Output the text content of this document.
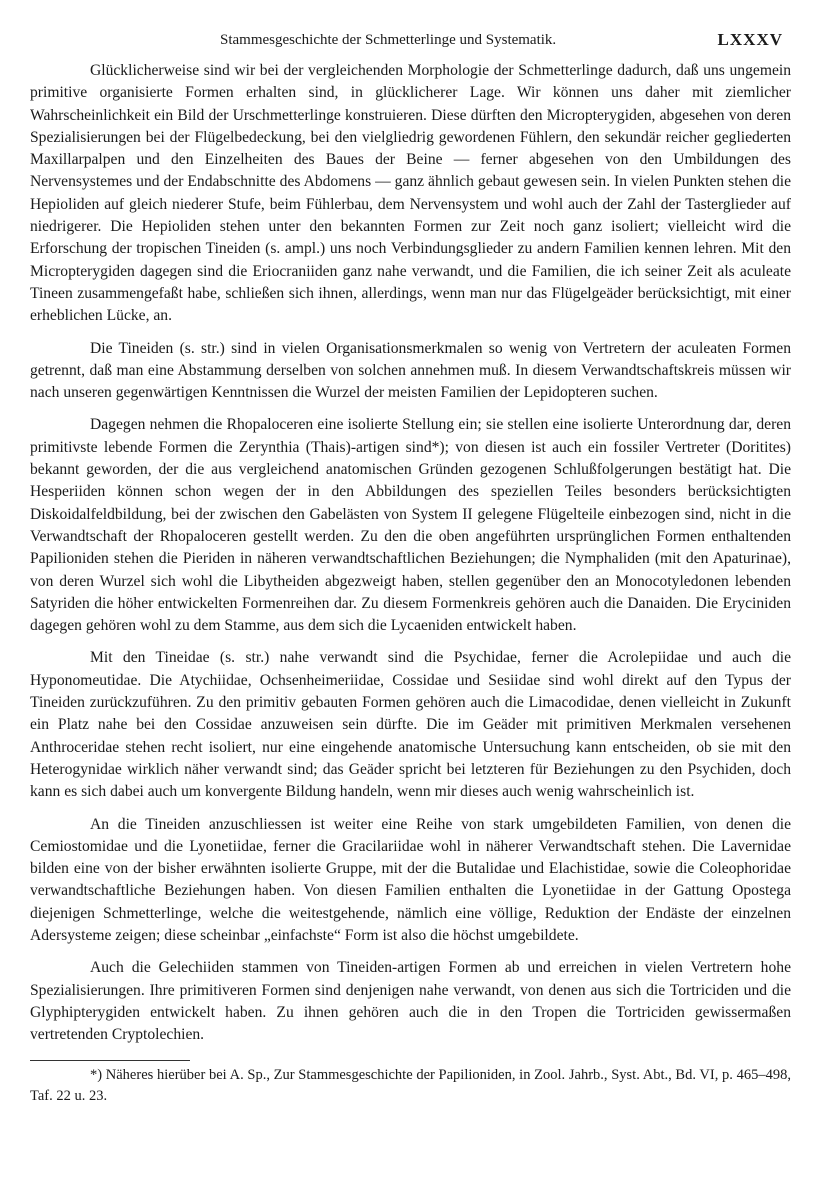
Stammesgeschichte der Schmetterlinge und Systematik.	LXXXV

Glücklicherweise sind wir bei der vergleichenden Morphologie der Schmetterlinge dadurch, daß uns ungemein primitive organisierte Formen erhalten sind, in glücklicherer Lage. Wir können uns daher mit ziemlicher Wahrscheinlichkeit ein Bild der Urschmetterlinge konstruieren. Diese dürften den Micropterygiden, abgesehen von deren Spezialisierungen bei der Flügelbedeckung, bei den vielgliedrig gewordenen Fühlern, den sekundär reicher gegliederten Maxillarpalpen und den Einzelheiten des Baues der Beine — ferner abgesehen von den Umbildungen des Nervensystemes und der Endabschnitte des Abdomens — ganz ähnlich gebaut gewesen sein. In vielen Punkten stehen die Hepioliden auf gleich niederer Stufe, beim Fühlerbau, dem Nervensystem und wohl auch der Zahl der Tasterglieder auf niedrigerer. Die Hepioliden stehen unter den bekannten Formen zur Zeit noch ganz isoliert; vielleicht wird die Erforschung der tropischen Tineiden (s. ampl.) uns noch Verbindungsglieder zu andern Familien kennen lehren. Mit den Micropterygiden dagegen sind die Eriocraniiden ganz nahe verwandt, und die Familien, die ich seiner Zeit als aculeate Tineen zusammengefaßt habe, schließen sich ihnen, allerdings, wenn man nur das Flügelgeäder berücksichtigt, mit einer erheblichen Lücke, an.

Die Tineiden (s. str.) sind in vielen Organisationsmerkmalen so wenig von Vertretern der aculeaten Formen getrennt, daß man eine Abstammung derselben von solchen annehmen muß. In diesem Verwandtschaftskreis müssen wir nach unseren gegenwärtigen Kenntnissen die Wurzel der meisten Familien der Lepidopteren suchen.

Dagegen nehmen die Rhopaloceren eine isolierte Stellung ein; sie stellen eine isolierte Unterordnung dar, deren primitivste lebende Formen die Zerynthia (Thais)-artigen sind*); von diesen ist auch ein fossiler Vertreter (Doritites) bekannt geworden, der die aus vergleichend anatomischen Gründen gezogenen Schlußfolgerungen bestätigt hat. Die Hesperiiden können schon wegen der in den Abbildungen des speziellen Teiles besonders berücksichtigten Diskoidalfeldbildung, bei der zwischen den Gabelästen von System II gelegene Flügelteile einbezogen sind, nicht in die Verwandtschaft der Rhopaloceren gestellt werden. Zu den die oben angeführten ursprünglichen Formen enthaltenden Papilioniden stehen die Pieriden in näheren verwandtschaftlichen Beziehungen; die Nymphaliden (mit den Apaturinae), von deren Wurzel sich wohl die Libytheiden abgezweigt haben, stellen gegenüber den an Monocotyledonen lebenden Satyriden die höher entwickelten Formenreihen dar. Zu diesem Formenkreis gehören auch die Danaiden. Die Eryciniden dagegen gehören wohl zu dem Stamme, aus dem sich die Lycaeniden entwickelt haben.

Mit den Tineidae (s. str.) nahe verwandt sind die Psychidae, ferner die Acrolepiidae und auch die Hyponomeutidae. Die Atychiidae, Ochsenheimeriidae, Cossidae und Sesiidae sind wohl direkt auf den Typus der Tineiden zurückzuführen. Zu den primitiv gebauten Formen gehören auch die Limacodidae, denen vielleicht in Zukunft ein Platz nahe bei den Cossidae anzuweisen sein dürfte. Die im Geäder mit primitiven Merkmalen versehenen Anthroceridae stehen recht isoliert, nur eine eingehende anatomische Untersuchung kann entscheiden, ob sie mit den Heterogynidae wirklich näher verwandt sind; das Geäder spricht bei letzteren für Beziehungen zu den Psychiden, doch kann es sich dabei auch um konvergente Bildung handeln, wenn mir dieses auch wenig wahrscheinlich ist.

An die Tineiden anzuschliessen ist weiter eine Reihe von stark umgebildeten Familien, von denen die Cemiostomidae und die Lyonetiidae, ferner die Gracilariidae wohl in näherer Verwandtschaft stehen. Die Lavernidae bilden eine von der bisher erwähnten isolierte Gruppe, mit der die Butalidae und Elachistidae, sowie die Coleophoridae verwandtschaftliche Beziehungen haben. Von diesen Familien enthalten die Lyonetiidae in der Gattung Opostega diejenigen Schmetterlinge, welche die weitestgehende, nämlich eine völlige, Reduktion der Endäste der einzelnen Adersysteme zeigen; diese scheinbar „einfachste“ Form ist also die höchst umgebildete.

Auch die Gelechiiden stammen von Tineiden-artigen Formen ab und erreichen in vielen Vertretern hohe Spezialisierungen. Ihre primitiveren Formen sind denjenigen nahe verwandt, von denen aus sich die Tortriciden und die Glyphipterygiden entwickelt haben. Zu ihnen gehören auch die in den Tropen die Tortriciden gewissermaßen vertretenden Cryptolechien.

*) Näheres hierüber bei A. Sp., Zur Stammesgeschichte der Papilioniden, in Zool. Jahrb., Syst. Abt., Bd. VI, p. 465–498, Taf. 22 u. 23.
